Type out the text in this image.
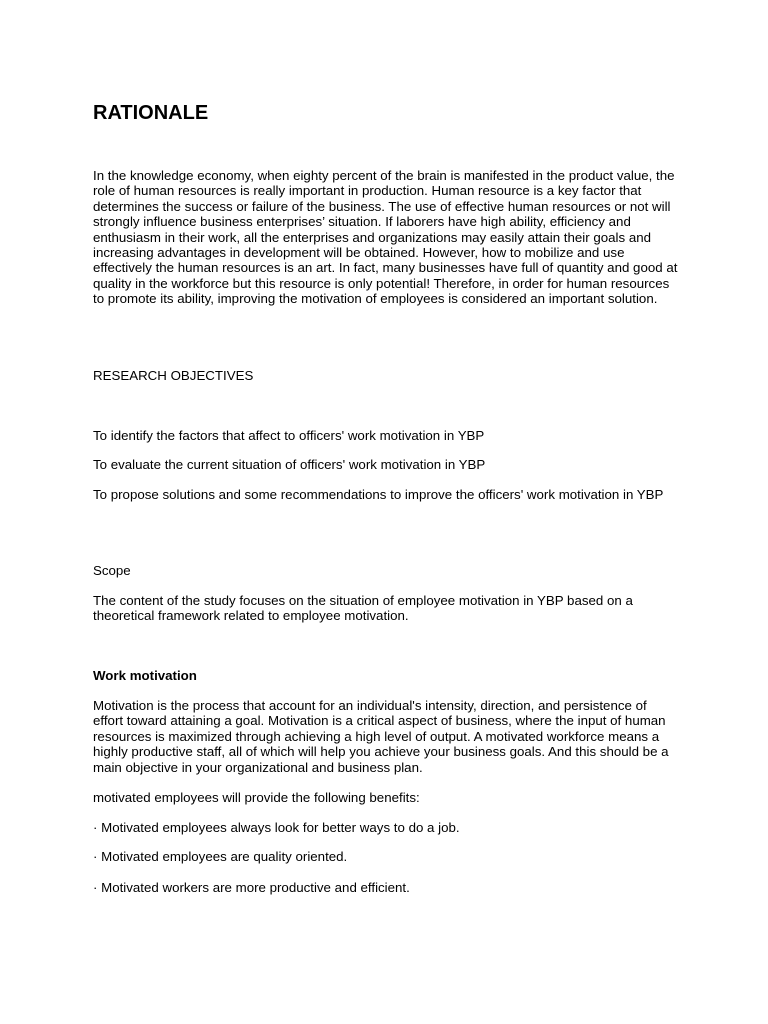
RATIONALE

In the knowledge economy, when eighty percent of the brain is manifested in the product value, the role of human resources is really important in production. Human resource is a key factor that determines the success or failure of the business. The use of effective human resources or not will strongly influence business enterprises’ situation. If laborers have high ability, efficiency and enthusiasm in their work, all the enterprises and organizations may easily attain their goals and increasing advantages in development will be obtained. However, how to mobilize and use effectively the human resources is an art. In fact, many businesses have full of quantity and good at quality in the workforce but this resource is only potential! Therefore, in order for human resources to promote its ability, improving the motivation of employees is considered an important solution.

RESEARCH OBJECTIVES

To identify the factors that affect to officers' work motivation in YBP

To evaluate the current situation of officers' work motivation in YBP

To propose solutions and some recommendations to improve the officers' work motivation in YBP

Scope

The content of the study focuses on the situation of employee motivation in YBP based on a theoretical framework related to employee motivation.

Work motivation

Motivation is the process that account for an individual's intensity, direction, and persistence of effort toward attaining a goal. Motivation is a critical aspect of business, where the input of human resources is maximized through achieving a high level of output. A motivated workforce means a highly productive staff, all of which will help you achieve your business goals. And this should be a main objective in your organizational and business plan.

motivated employees will provide the following benefits:

· Motivated employees always look for better ways to do a job.

· Motivated employees are quality oriented.

· Motivated workers are more productive and efficient.
